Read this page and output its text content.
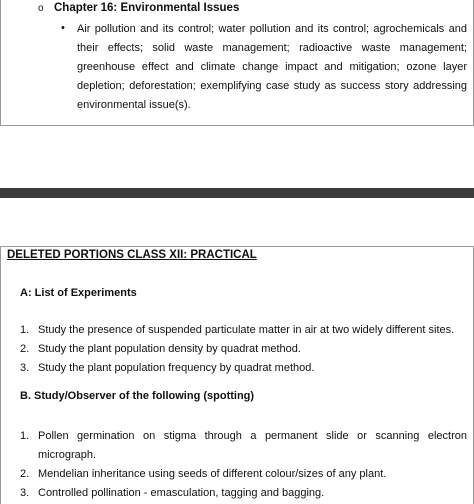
o Chapter 16: Environmental Issues
• Air pollution and its control; water pollution and its control; agrochemicals and their effects; solid waste management; radioactive waste management; greenhouse effect and climate change impact and mitigation; ozone layer depletion; deforestation; exemplifying case study as success story addressing environmental issue(s).

DELETED PORTIONS CLASS XII: PRACTICAL
A: List of Experiments
1. Study the presence of suspended particulate matter in air at two widely different sites.
2. Study the plant population density by quadrat method.
3. Study the plant population frequency by quadrat method.
B. Study/Observer of the following (spotting)
1. Pollen germination on stigma through a permanent slide or scanning electron micrograph.
2. Mendelian inheritance using seeds of different colour/sizes of any plant.
3. Controlled pollination - emasculation, tagging and bagging.
